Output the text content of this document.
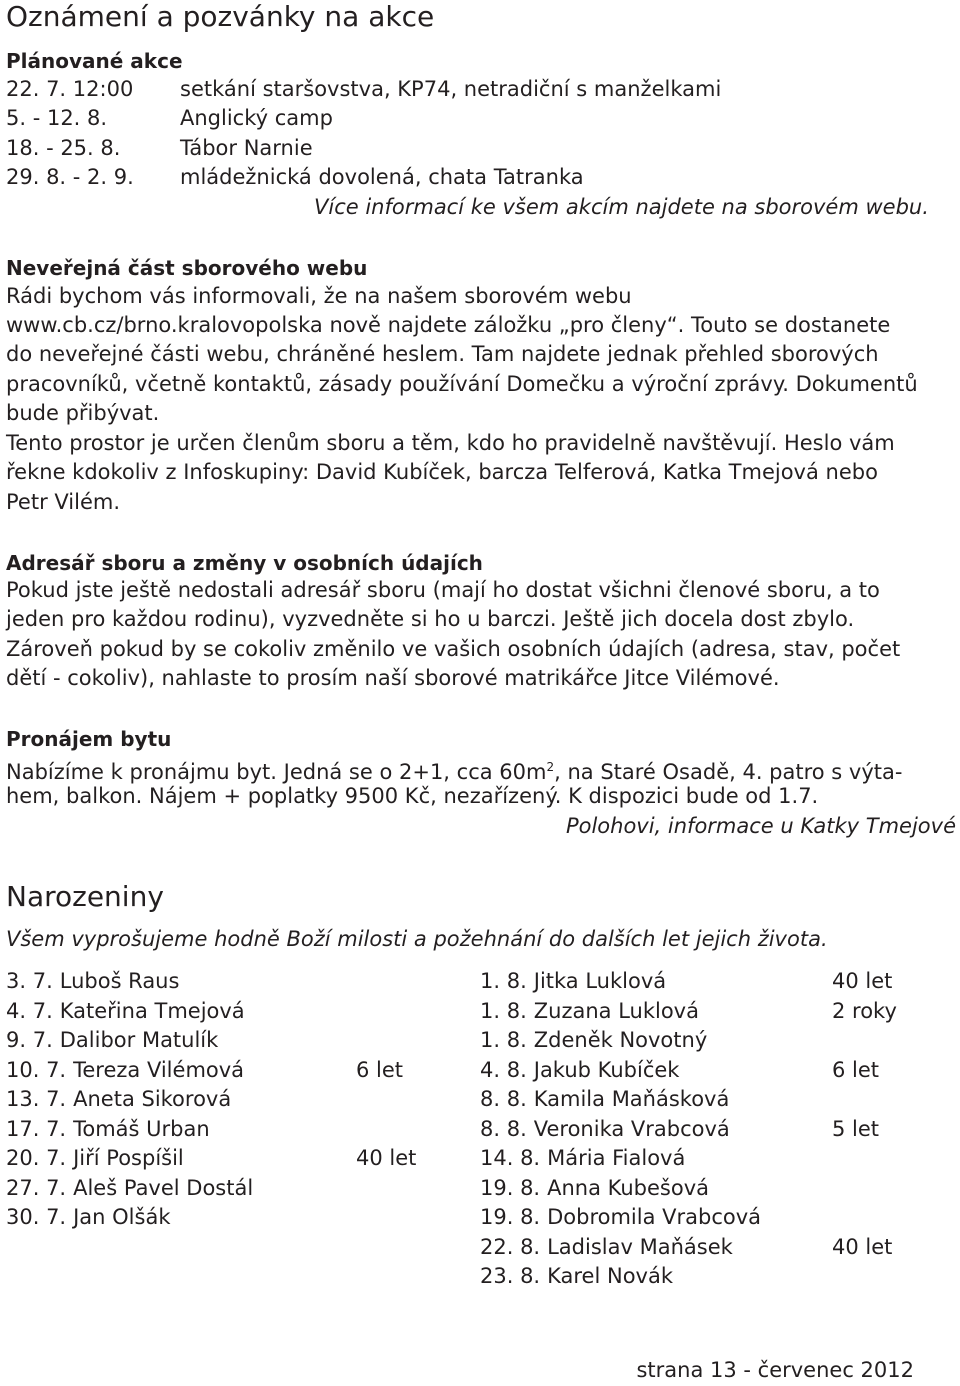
Oznámení a pozvánky na akce
Plánované akce
22. 7. 12:00 setkání staršovstva, KP74, netradiční s manželkami
5. - 12. 8.	Anglický camp
18. - 25. 8.	Tábor Narnie
29. 8. - 2. 9. mládežnická dovolená, chata Tatranka
Více informací ke všem akcím najdete na sborovém webu.
Neveřejná část sborového webu
Rádi bychom vás informovali, že na našem sborovém webu
www.cb.cz/brno.kralovopolska nově najdete záložku „pro členy“. Touto se dostanete
do neveřejné části webu, chráněné heslem. Tam najdete jednak přehled sborových
pracovníků, včetně kontaktů, zásady používání Domečku a výroční zprávy. Dokumentů
bude přibývat.
Tento prostor je určen členům sboru a těm, kdo ho pravidelně navštěvují. Heslo vám
řekne kdokoliv z Infoskupiny: David Kubíček, barcza Telferová, Katka Tmejová nebo
Petr Vilém.
Adresář sboru a změny v osobních údajích
Pokud jste ještě nedostali adresář sboru (mají ho dostat všichni členové sboru, a to
jeden pro každou rodinu), vyzvedněte si ho u barczi. Ještě jich docela dost zbylo.
Zároveň pokud by se cokoliv změnilo ve vašich osobních údajích (adresa, stav, počet
dětí - cokoliv), nahlaste to prosím naší sborové matrikářce Jitce Vilémové.
Pronájem bytu
Nabízíme k pronájmu byt. Jedná se o 2+1, cca $60m^2$, na Staré Osadě, 4. patro s výta-
hem, balkon. Nájem + poplatky 9500 Kč, nezařízený. K dispozici bude od 1.7.
Polohovi, informace u Katky Tmejové
Narozeniny
Všem vyprošujeme hodně Boží milosti a požehnání do dalších let jejich života.
3. 7. Luboš Raus
4. 7. Kateřina Tmejová
9. 7. Dalibor Matulík
10. 7. Tereza Vilémová	6 let
13. 7. Aneta Sikorová
17. 7. Tomáš Urban
20. 7. Jiří Pospíšil	40 let
27. 7. Aleš Pavel Dostál
30. 7. Jan Olšák
1. 8. Jitka Luklová	40 let
1. 8. Zuzana Luklová	2 roky
1. 8. Zdeněk Novotný
4. 8. Jakub Kubíček	6 let
8. 8. Kamila Maňásková
8. 8. Veronika Vrabcová	5 let
14. 8. Mária Fialová
19. 8. Anna Kubešová
19. 8. Dobromila Vrabcová
22. 8. Ladislav Maňásek	40 let
23. 8. Karel Novák
strana 13 - červenec 2012
